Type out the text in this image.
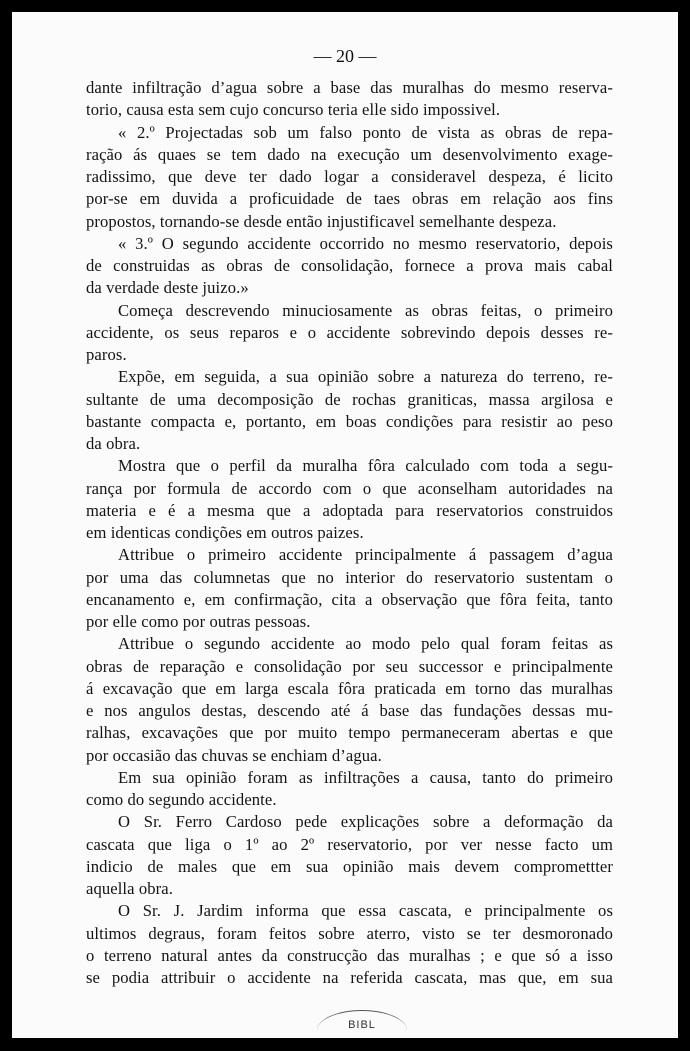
— 20 —
dante infiltração d’agua sobre a base das muralhas do mesmo reserva-
torio, causa esta sem cujo concurso teria elle sido impossivel.
« 2.º Projectadas sob um falso ponto de vista as obras de repa-
ração ás quaes se tem dado na execução um desenvolvimento exage-
radissimo, que deve ter dado logar a consideravel despeza, é licito
por-se em duvida a proficuidade de taes obras em relação aos fins
propostos, tornando-se desde então injustificavel semelhante despeza.
« 3.º O segundo accidente occorrido no mesmo reservatorio, depois
de construidas as obras de consolidação, fornece a prova mais cabal
da verdade deste juizo.»
Começa descrevendo minuciosamente as obras feitas, o primeiro
accidente, os seus reparos e o accidente sobrevindo depois desses re-
paros.
Expõe, em seguida, a sua opinião sobre a natureza do terreno, re-
sultante de uma decomposição de rochas graniticas, massa argilosa e
bastante compacta e, portanto, em boas condições para resistir ao peso
da obra.
Mostra que o perfil da muralha fôra calculado com toda a segu-
rança por formula de accordo com o que aconselham autoridades na
materia e é a mesma que a adoptada para reservatorios construidos
em identicas condições em outros paizes.
Attribue o primeiro accidente principalmente á passagem d’agua
por uma das columnetas que no interior do reservatorio sustentam o
encanamento e, em confirmação, cita a observação que fôra feita, tanto
por elle como por outras pessoas.
Attribue o segundo accidente ao modo pelo qual foram feitas as
obras de reparação e consolidação por seu successor e principalmente
á excavação que em larga escala fôra praticada em torno das muralhas
e nos angulos destas, descendo até á base das fundações dessas mu-
ralhas, excavações que por muito tempo permaneceram abertas e que
por occasião das chuvas se enchiam d’agua.
Em sua opinião foram as infiltrações a causa, tanto do primeiro
como do segundo accidente.
O Sr. Ferro Cardoso pede explicações sobre a deformação da
cascata que liga o 1º ao 2º reservatorio, por ver nesse facto um
indicio de males que em sua opinião mais devem compromettter
aquella obra.
O Sr. J. Jardim informa que essa cascata, e principalmente os
ultimos degraus, foram feitos sobre aterro, visto se ter desmoronado
o terreno natural antes da construcção das muralhas ; e que só a isso
se podia attribuir o accidente na referida cascata, mas que, em sua
BIBL
